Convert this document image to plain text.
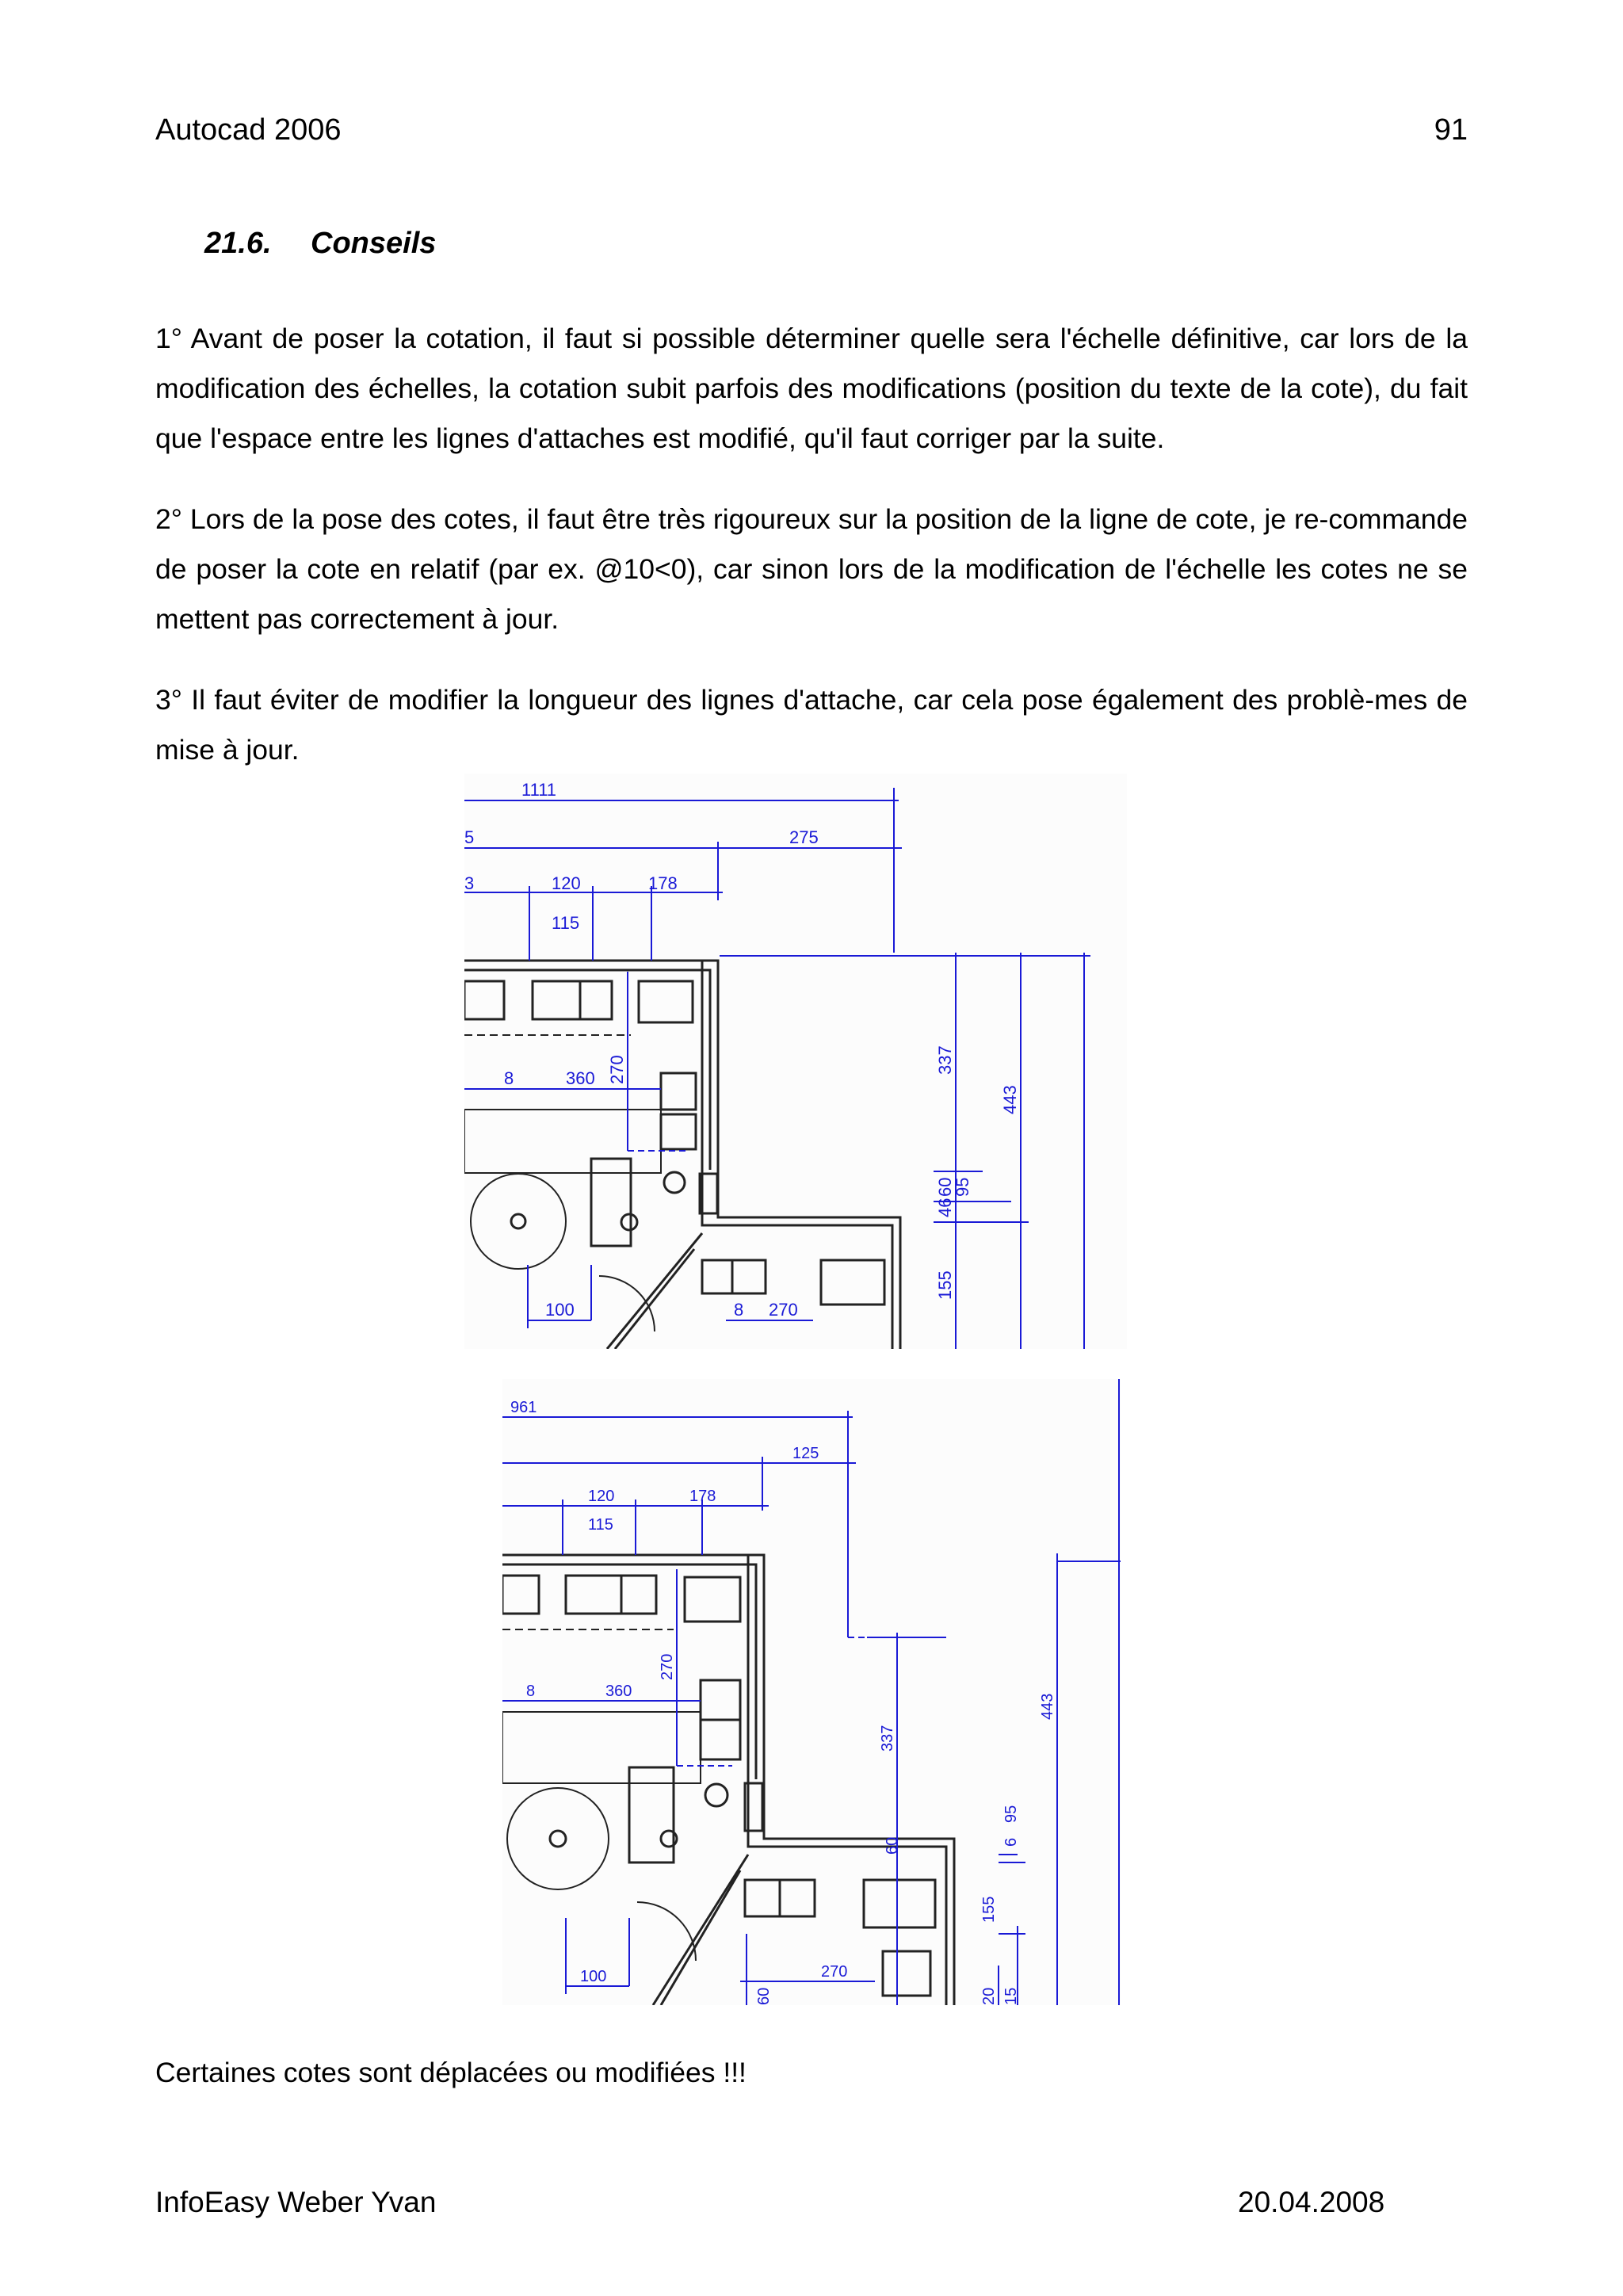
Autocad 2006	91
21.6. Conseils

1° Avant de poser la cotation, il faut si possible déterminer quelle sera l'échelle définitive, car lors de la modification des échelles, la cotation subit parfois des modifications (position du texte de la cote), du fait que l'espace entre les lignes d'attaches est modifié, qu'il faut corriger par la suite.

2° Lors de la pose des cotes, il faut être très rigoureux sur la position de la ligne de cote, je re-commande de poser la cote en relatif (par ex. @10<0), car sinon lors de la modification de l'échelle les cotes ne se mettent pas correctement à jour.

3° Il faut éviter de modifier la longueur des lignes d'attache, car cela pose également des problè-mes de mise à jour.

1111
5	275
3	120	178
115
8	360 270	337
443
60
95
46
155
100	8 270
961
125
120	178
115
8	360
270
337
443
95
6
60
155
100	270
20 15
60

Certaines cotes sont déplacées ou modifiées !!!

InfoEasy Weber Yvan	20.04.2008
